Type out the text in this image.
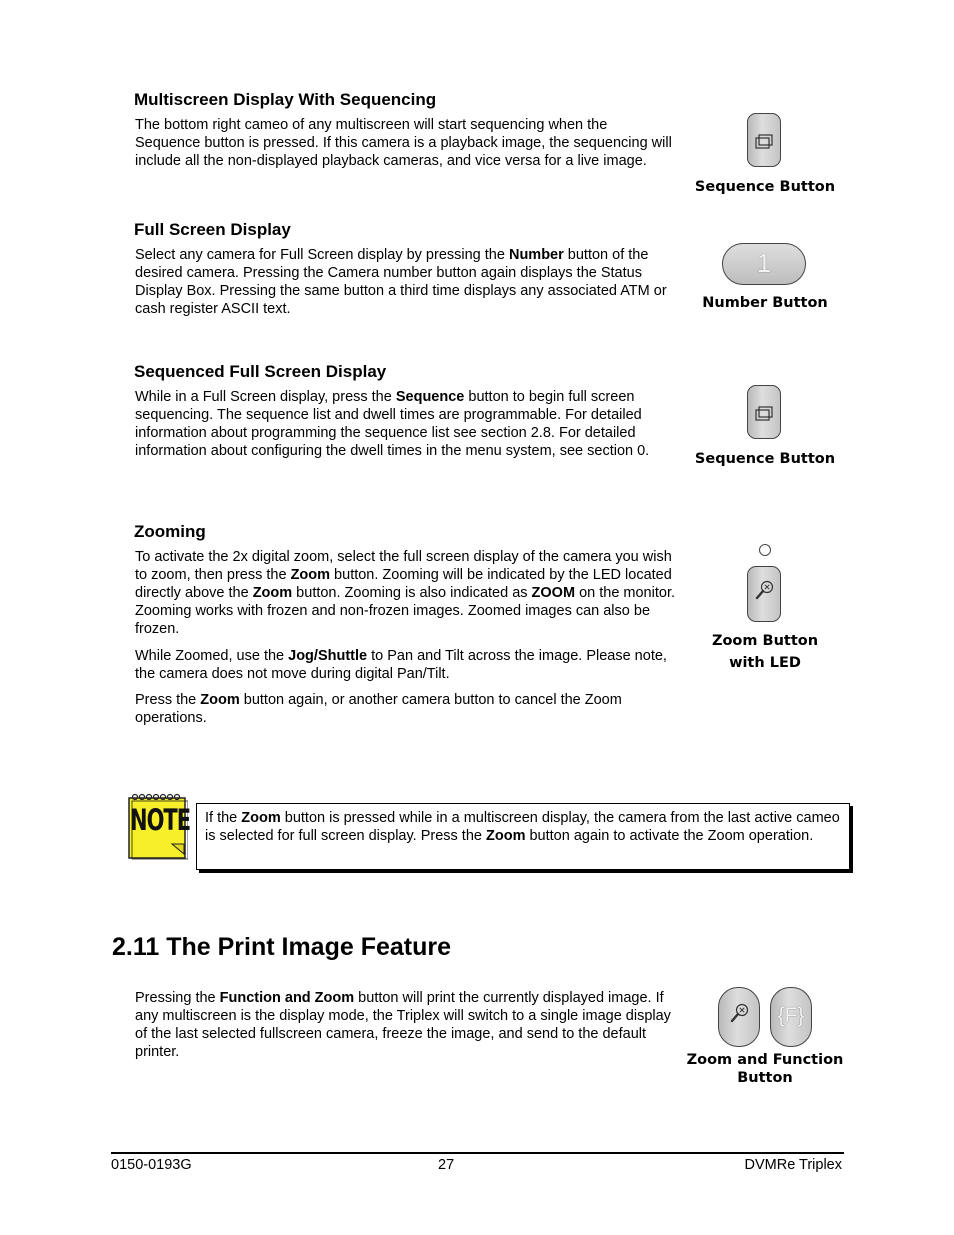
Multiscreen Display With Sequencing

The bottom right cameo of any multiscreen will start sequencing when the Sequence button is pressed. If this camera is a playback image, the sequencing will include all the non-displayed playback cameras, and vice versa for a live image.

Sequence Button
Full Screen Display

Select any camera for Full Screen display by pressing the Number button of the desired camera. Pressing the Camera number button again displays the Status Display Box. Pressing the same button a third time displays any associated ATM or cash register ASCII text.

1
Number Button
Sequenced Full Screen Display

While in a Full Screen display, press the Sequence button to begin full screen sequencing. The sequence list and dwell times are programmable. For detailed information about programming the sequence list see section 2.8. For detailed information about configuring the dwell times in the menu system, see section 0.	Sequence Button
Zooming

To activate the 2x digital zoom, select the full screen display of the camera you wish to zoom, then press the Zoom button. Zooming will be indicated by the LED located directly above the Zoom button. Zooming is also indicated as ZOOM on the monitor. Zooming works with frozen and non-frozen images. Zoomed images can also be frozen.

While Zoomed, use the Jog/Shuttle to Pan and Tilt across the image. Please note, the camera does not move during digital Pan/Tilt.

Press the Zoom button again, or another camera button to cancel the Zoom operations.

Zoom Button
with LED
NOTE If the Zoom button is pressed while in a multiscreen display, the camera from the last active cameo is selected for full screen display. Press the Zoom button again to activate the Zoom operation.

2.11 The Print Image Feature

Pressing the Function and Zoom button will print the currently displayed image. If any multiscreen is the display mode, the Triplex will switch to a single image display of the last selected fullscreen camera, freeze the image, and send to the default printer.

{F}
Zoom and Function
Button
0150-0193G	27	DVMRe Triplex
